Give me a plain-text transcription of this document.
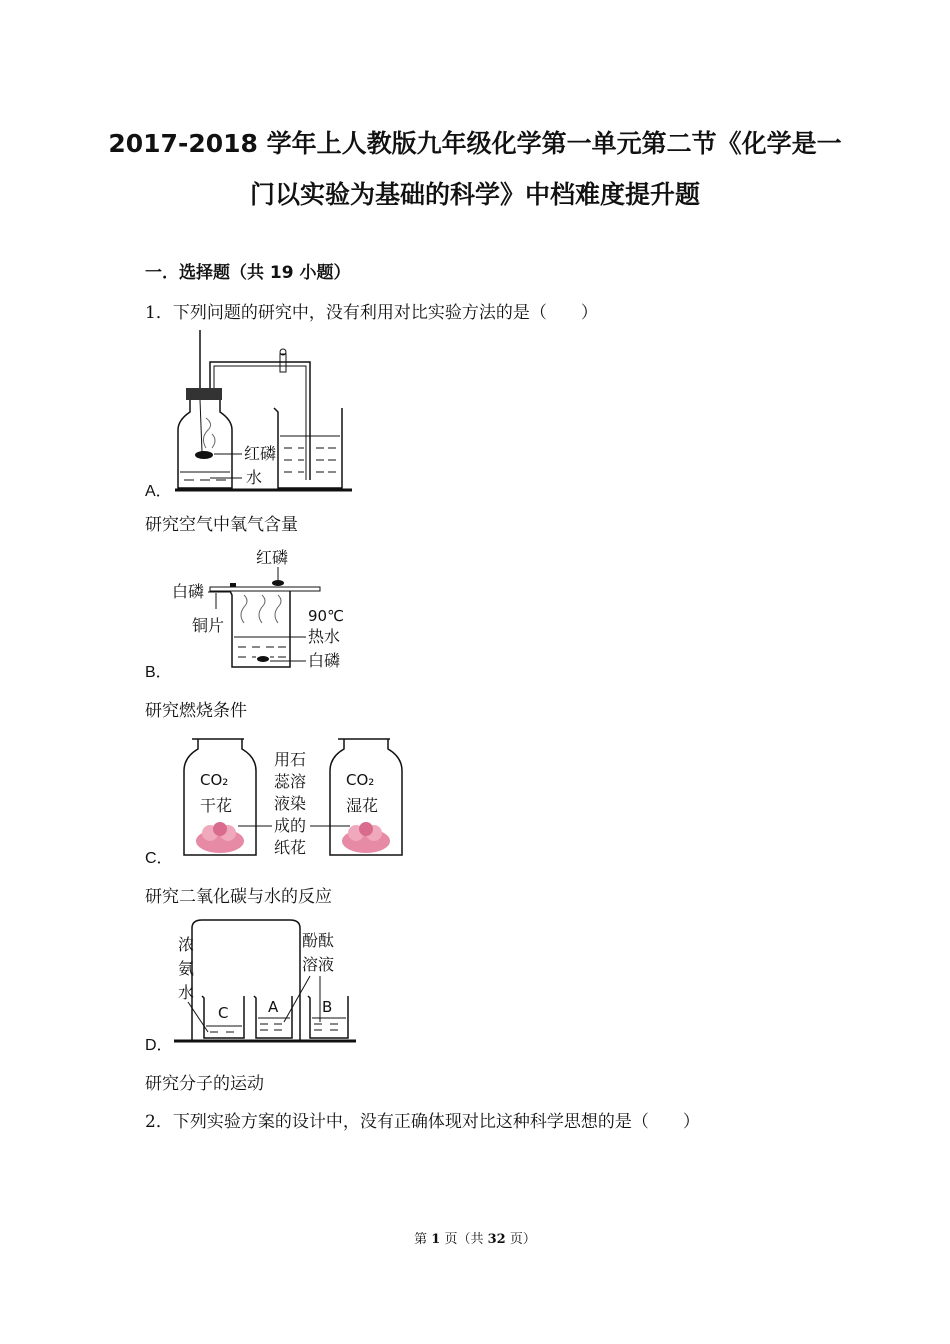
2017-2018 学年上人教版九年级化学第一单元第二节《化学是一
门以实验为基础的科学》中档难度提升题
一．选择题（共 19 小题）
1．下列问题的研究中，没有利用对比实验方法的是（　　）
红磷
水
A．
研究空气中氧气含量
红磷
白磷
铜片	90℃
热水
白磷
B．
研究燃烧条件
CO₂
干花
CO₂
湿花
用石
蕊溶
液染
成的
纸花
C．
研究二氧化碳与水的反应
浓
氨
水
C	A
酚酞
溶液
B
D．
研究分子的运动
2．下列实验方案的设计中，没有正确体现对比这种科学思想的是（　　）
第 1 页（共 32 页）
